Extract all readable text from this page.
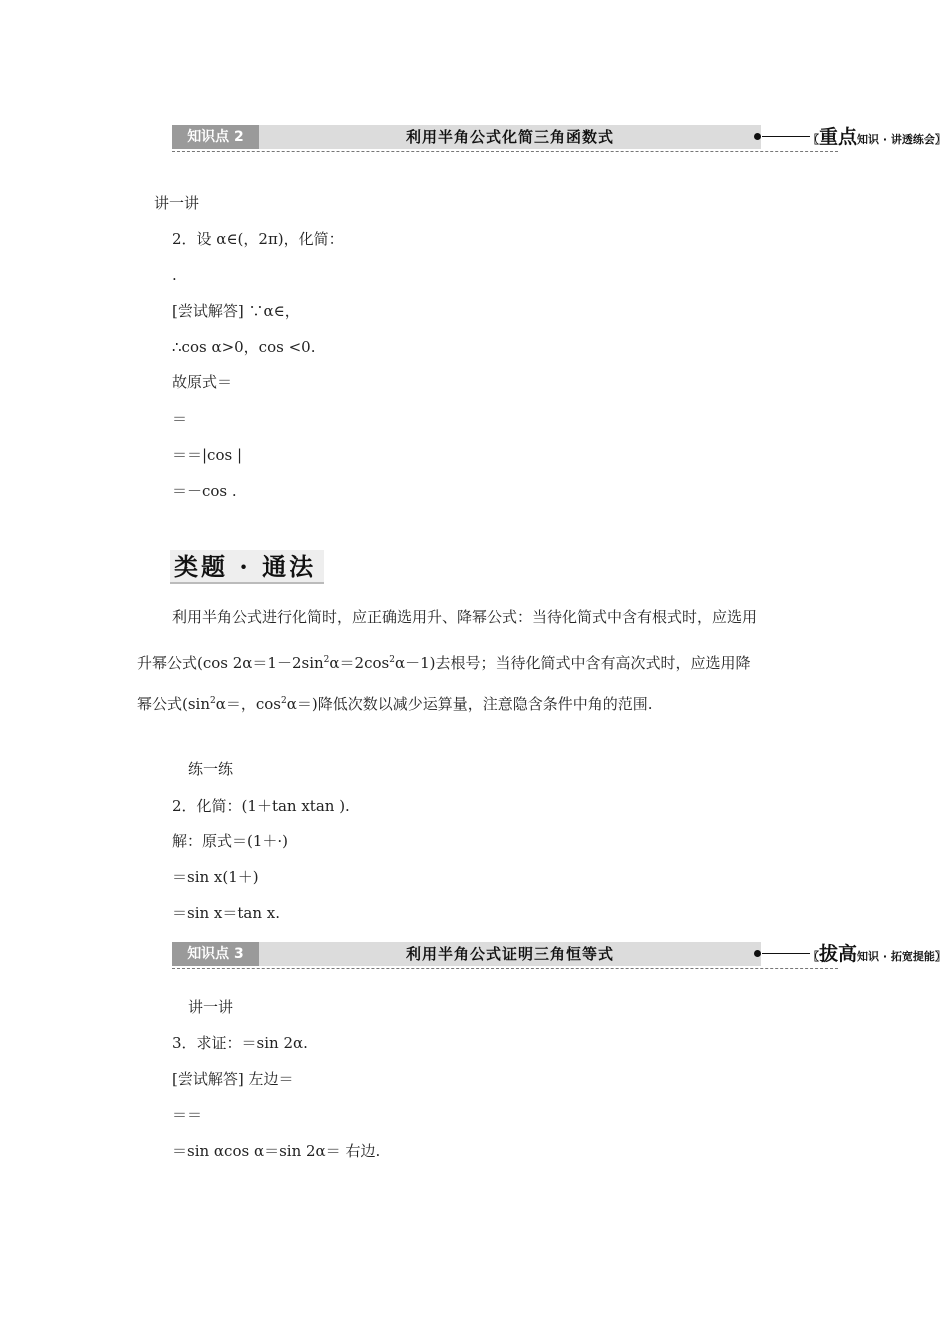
知识点 2	利用半角公式化简三角函数式	〖重点知识 · 讲透练会〗
讲一讲
2．设 α∈(，2π)，化简：
.
[尝试解答] ∵α∈，
∴cos α>0，cos <0.
故原式＝
＝
＝＝|cos |
＝－cos .
类题 · 通法
利用半角公式进行化简时，应正确选用升、降幂公式：当待化简式中含有根式时，应选用
升幂公式(cos $2\alpha=1-2\sin^2\alpha=2\cos^2\alpha-1$)去根号；当待化简式中含有高次式时，应选用降
幂公式($\sin^2\alpha=$，$\cos^2\alpha=$)降低次数以减少运算量，注意隐含条件中角的范围.
练一练
2．化简：(1＋tan xtan ).
解：原式＝(1＋·)
＝sin x(1＋)
＝sin x＝tan x.
知识点 3	利用半角公式证明三角恒等式	〖拔高知识 · 拓宽提能〗
讲一讲
3．求证：＝sin 2α.
[尝试解答] 左边＝
＝＝
＝sin αcos α＝sin 2α＝ 右边.
